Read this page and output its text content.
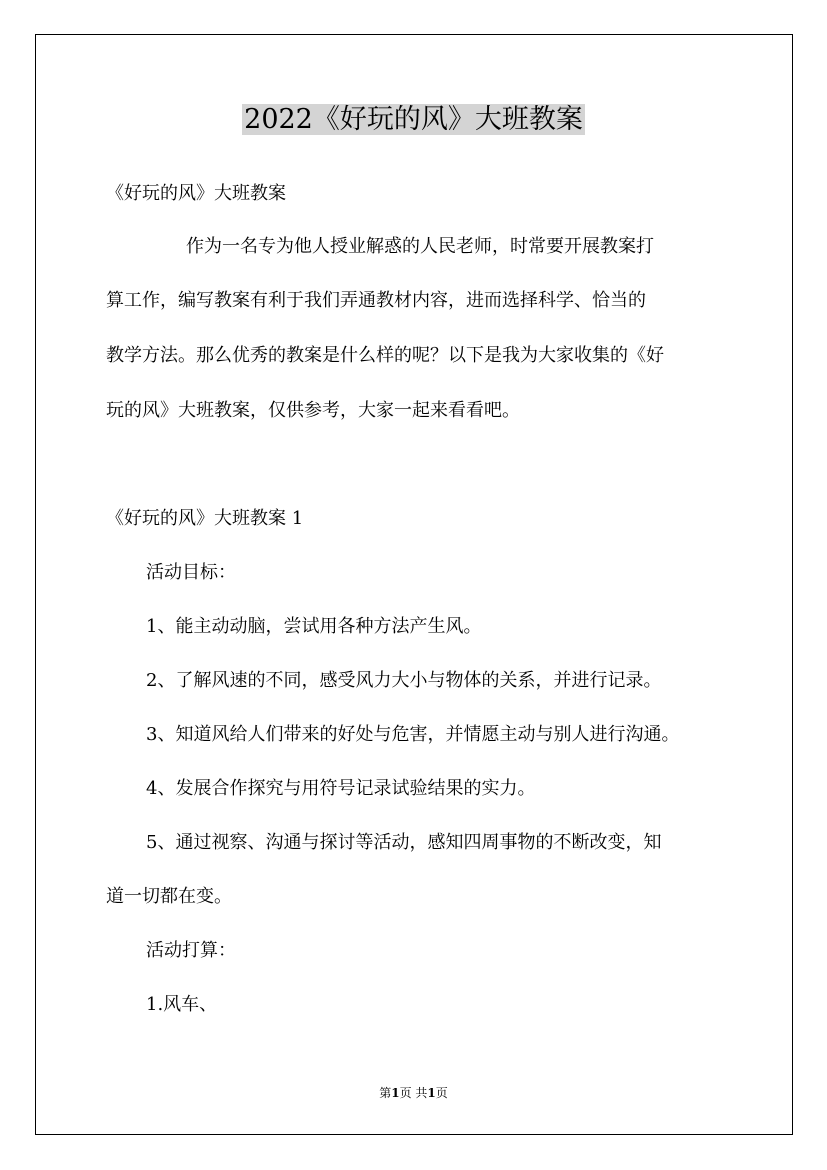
2022《好玩的风》大班教案
《好玩的风》大班教案
作为一名专为他人授业解惑的人民老师，时常要开展教案打
算工作，编写教案有利于我们弄通教材内容，进而选择科学、恰当的
教学方法。那么优秀的教案是什么样的呢？以下是我为大家收集的《好
玩的风》大班教案，仅供参考，大家一起来看看吧。
《好玩的风》大班教案 1
活动目标：
1、能主动动脑，尝试用各种方法产生风。
2、了解风速的不同，感受风力大小与物体的关系，并进行记录。
3、知道风给人们带来的好处与危害，并情愿主动与别人进行沟通。
4、发展合作探究与用符号记录试验结果的实力。
5、通过视察、沟通与探讨等活动，感知四周事物的不断改变，知
道一切都在变。
活动打算：
1.风车、
第1页 共1页
